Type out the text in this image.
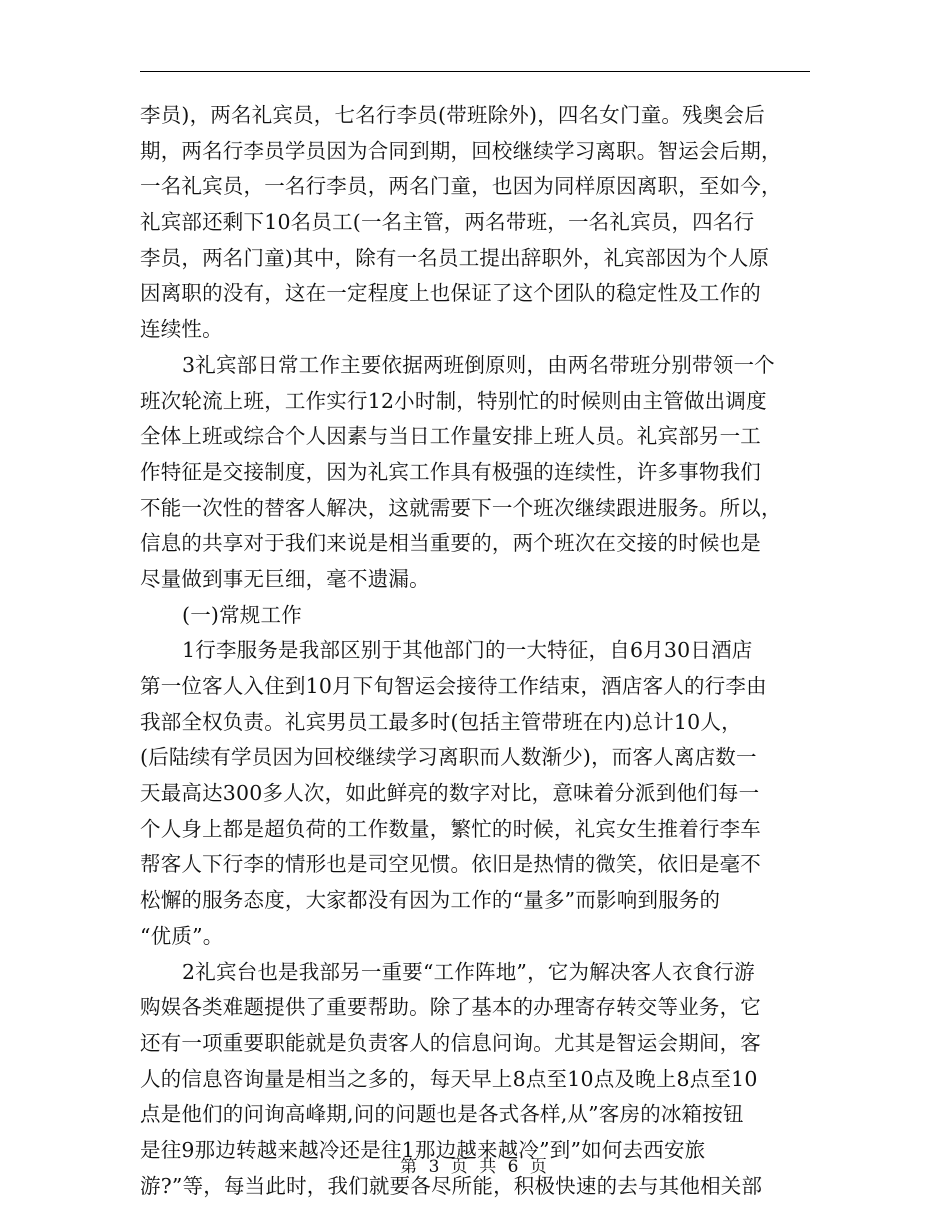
李员)，两名礼宾员，七名行李员(带班除外)，四名女门童。残奥会后
期，两名行李员学员因为合同到期，回校继续学习离职。智运会后期，
一名礼宾员，一名行李员，两名门童，也因为同样原因离职，至如今，
礼宾部还剩下10名员工(一名主管，两名带班，一名礼宾员，四名行
李员，两名门童)其中，除有一名员工提出辞职外，礼宾部因为个人原
因离职的没有，这在一定程度上也保证了这个团队的稳定性及工作的
连续性。
3礼宾部日常工作主要依据两班倒原则，由两名带班分别带领一个
班次轮流上班，工作实行12小时制，特别忙的时候则由主管做出调度
全体上班或综合个人因素与当日工作量安排上班人员。礼宾部另一工
作特征是交接制度，因为礼宾工作具有极强的连续性，许多事物我们
不能一次性的替客人解决，这就需要下一个班次继续跟进服务。所以，
信息的共享对于我们来说是相当重要的，两个班次在交接的时候也是
尽量做到事无巨细，毫不遗漏。
(一)常规工作
1行李服务是我部区别于其他部门的一大特征，自6月30日酒店
第一位客人入住到10月下旬智运会接待工作结束，酒店客人的行李由
我部全权负责。礼宾男员工最多时(包括主管带班在内)总计10人，
(后陆续有学员因为回校继续学习离职而人数渐少)，而客人离店数一
天最高达300多人次，如此鲜亮的数字对比，意味着分派到他们每一
个人身上都是超负荷的工作数量，繁忙的时候，礼宾女生推着行李车
帮客人下行李的情形也是司空见惯。依旧是热情的微笑，依旧是毫不
松懈的服务态度，大家都没有因为工作的“量多”而影响到服务的
“优质”。
2礼宾台也是我部另一重要“工作阵地”，它为解决客人衣食行游
购娱各类难题提供了重要帮助。除了基本的办理寄存转交等业务，它
还有一项重要职能就是负责客人的信息问询。尤其是智运会期间，客
人的信息咨询量是相当之多的，每天早上8点至10点及晚上8点至10
点是他们的问询高峰期,问的问题也是各式各样,从”客房的冰箱按钮
是往9那边转越来越冷还是往1那边越来越冷”到”如何去西安旅
游?”等，每当此时，我们就要各尽所能，积极快速的去与其他相关部
第 3 页 共 6 页
